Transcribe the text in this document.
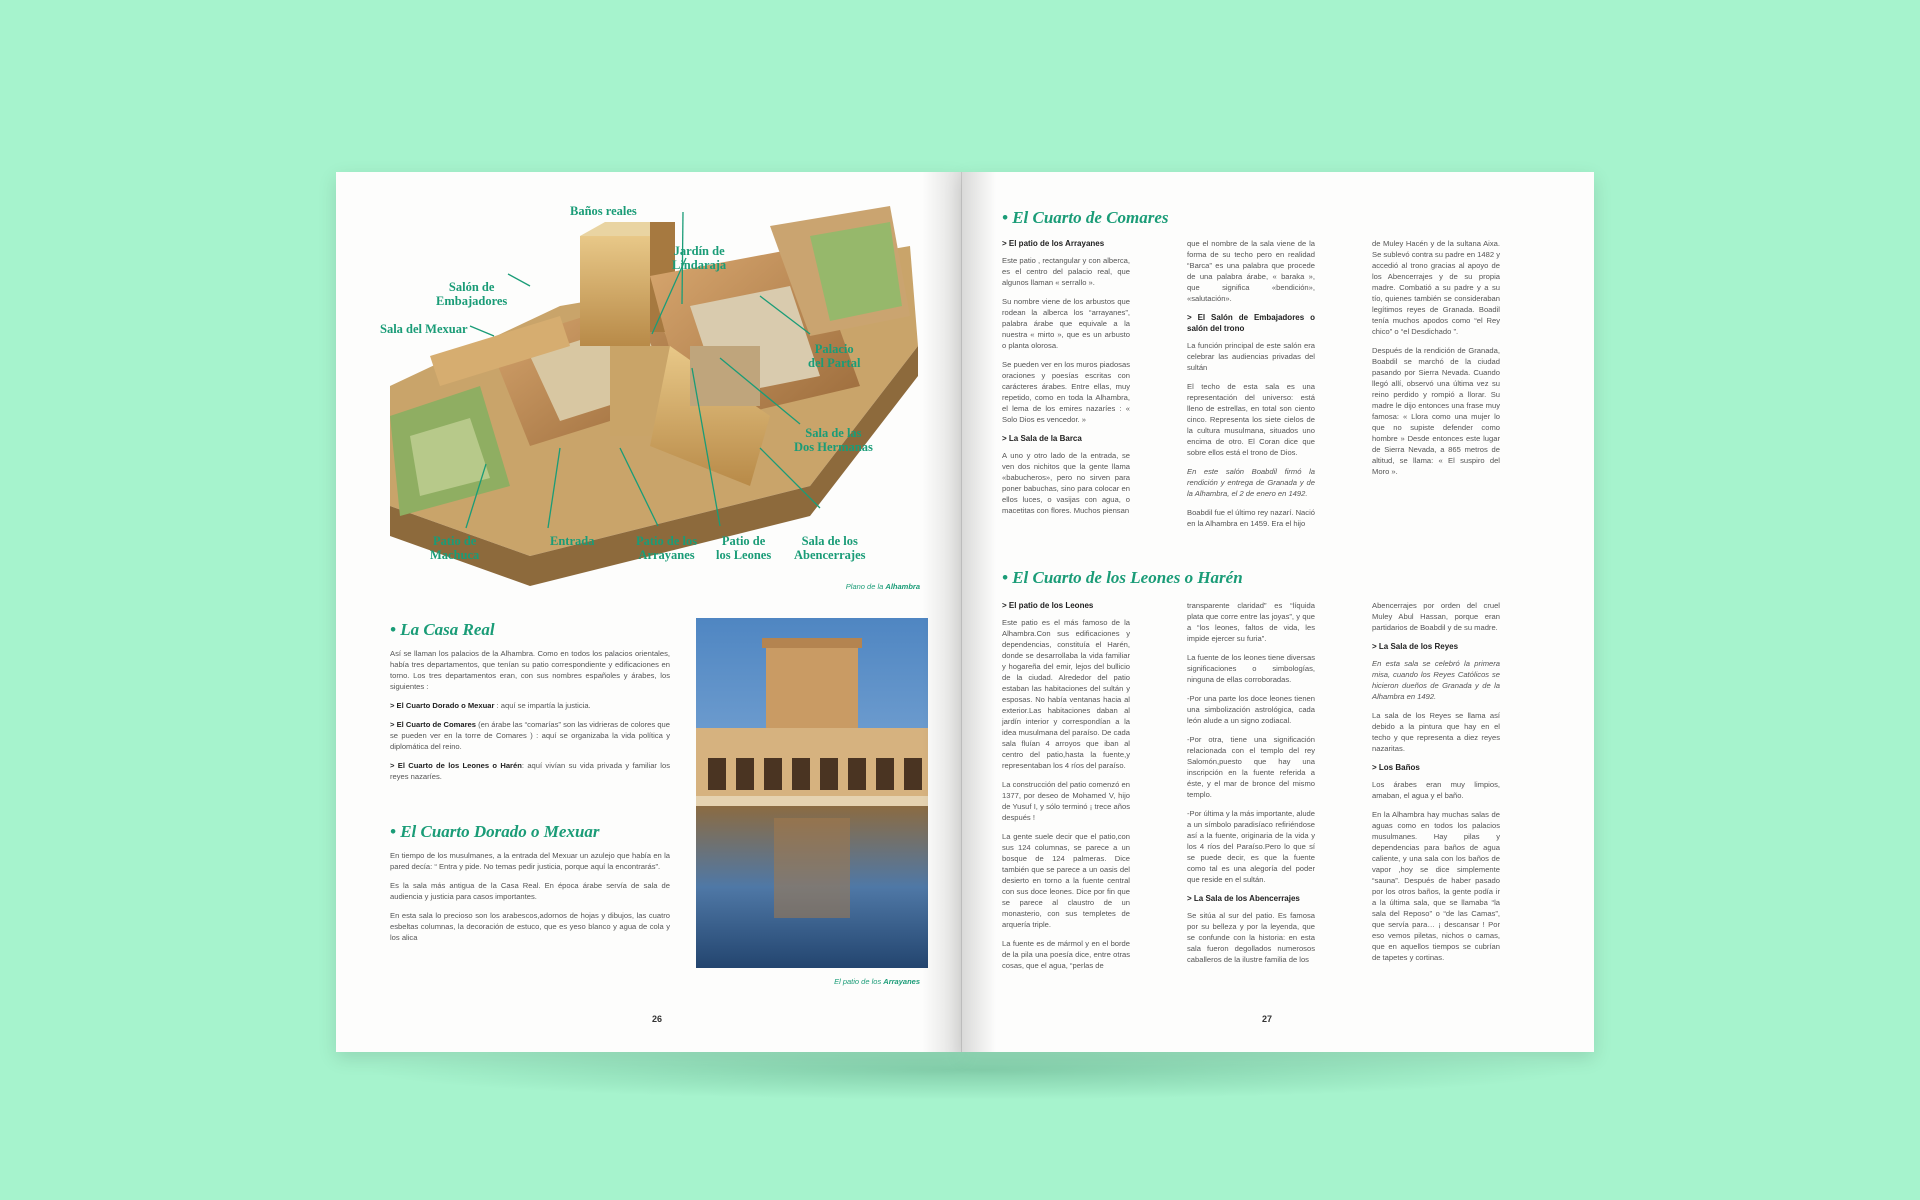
Baños reales
Jardín de
Lindaraja
Salón de
Embajadores
Sala del Mexuar
Palacio
del Partal
Sala de las
Dos Hermanas
Patio de
Machuca
Entrada	Patio de los
Arrayanes
Patio de
los Leones
Sala de los
Abencerrajes
Plano de la Alhambra
• La Casa Real

Así se llaman los palacios de la Alhambra. Como en todos los palacios orientales, había tres departamentos, que tenían su patio correspondiente y edificaciones en torno. Los tres departamentos eran, con sus nombres españoles y árabes, los siguientes :

> El Cuarto Dorado o Mexuar : aquí se impartía la justicia.

> El Cuarto de Comares (en árabe las “comarías” son las vidrieras de colores que se pueden ver en la torre de Comares ) : aquí se organizaba la vida política y diplomática del reino.

> El Cuarto de los Leones o Harén: aquí vivían su vida privada y familiar los reyes nazaríes.

• El Cuarto Dorado o Mexuar

En tiempo de los musulmanes, a la entrada del Mexuar un azulejo que había en la pared decía: “ Entra y pide. No temas pedir justicia, porque aquí la encontrarás”.

Es la sala más antigua de la Casa Real. En época árabe servía de sala de audiencia y justicia para casos importantes.

En esta sala lo precioso son los arabescos,adornos de hojas y dibujos, las cuatro esbeltas columnas, la decoración de estuco, que es yeso blanco y agua de cola y los alica

El patio de los Arrayanes
26
• El Cuarto de Comares
> El patio de los Arrayanes

Este patio , rectangular y con alberca, es el centro del palacio real, que algunos llaman « serrallo ».

Su nombre viene de los arbustos que rodean la alberca los “arrayanes”, palabra árabe que equivale a la nuestra « mirto », que es un arbusto o planta olorosa.

Se pueden ver en los muros piadosas oraciones y poesías escritas con carácteres árabes. Entre ellas, muy repetido, como en toda la Alhambra, el lema de los emires nazaríes : « Solo Dios es vencedor. »

> La Sala de la Barca

A uno y otro lado de la entrada, se ven dos nichitos que la gente llama «babucheros», pero no sirven para poner babuchas, sino para colocar en ellos luces, o vasijas con agua, o macetitas con flores. Muchos piensan

que el nombre de la sala viene de la forma de su techo pero en realidad “Barca” es una palabra que procede de una palabra árabe, « baraka », que significa «bendición», «salutación».

> El Salón de Embajadores o salón del trono

La función principal de este salón era celebrar las audiencias privadas del sultán

El techo de esta sala es una representación del universo: está lleno de estrellas, en total son ciento cinco. Representa los siete cielos de la cultura musulmana, situados uno encima de otro. El Coran dice que sobre ellos está el trono de Dios.

En este salón Boabdil firmó la rendición y entrega de Granada y de la Alhambra, el 2 de enero en 1492.

Boabdil fue el último rey nazarí. Nació en la Alhambra en 1459. Era el hijo

de Muley Hacén y de la sultana Aixa. Se sublevó contra su padre en 1482 y accedió al trono gracias al apoyo de los Abencerrajes y de su propia madre. Combatió a su padre y a su tío, quienes también se consideraban legítimos reyes de Granada. Boadil tenía muchos apodos como “el Rey chico” o “el Desdichado ”.

Después de la rendición de Granada, Boabdil se marchó de la ciudad pasando por Sierra Nevada. Cuando llegó allí, observó una última vez su reino perdido y rompió a llorar. Su madre le dijo entonces una frase muy famosa: « Llora como una mujer lo que no supiste defender como hombre » Desde entonces este lugar de Sierra Nevada, a 865 metros de altitud, se llama: « El suspiro del Moro ».

• El Cuarto de los Leones o Harén
> El patio de los Leones

Este patio es el más famoso de la Alhambra.Con sus edificaciones y dependencias, constituía el Harén, donde se desarrollaba la vida familiar y hogareña del emir, lejos del bullicio de la ciudad. Alrededor del patio estaban las habitaciones del sultán y esposas. No había ventanas hacia al exterior.Las habitaciones daban al jardín interior y correspondían a la idea musulmana del paraíso. De cada sala fluían 4 arroyos que iban al centro del patio,hasta la fuente,y representaban los 4 ríos del paraíso.

La construcción del patio comenzó en 1377, por deseo de Mohamed V, hijo de Yusuf I, y sólo terminó ¡ trece años después !

La gente suele decir que el patio,con sus 124 columnas, se parece a un bosque de 124 palmeras. Dice también que se parece a un oasis del desierto en torno a la fuente central con sus doce leones. Dice por fin que se parece al claustro de un monasterio, con sus templetes de arquería triple.

La fuente es de mármol y en el borde de la pila una poesía dice, entre otras cosas, que el agua, “perlas de

transparente claridad” es “líquida plata que corre entre las joyas”, y que a “los leones, faltos de vida, les impide ejercer su furia”.

La fuente de los leones tiene diversas significaciones o simbologías, ninguna de ellas corroboradas.

-Por una parte los doce leones tienen una simbolización astrológica, cada león alude a un signo zodiacal.

-Por otra, tiene una significación relacionada con el templo del rey Salomón,puesto que hay una inscripción en la fuente referida a éste, y el mar de bronce del mismo templo.

-Por última y la más importante, alude a un símbolo paradisíaco refiriéndose así a la fuente, originaria de la vida y los 4 ríos del Paraíso.Pero lo que sí se puede decir, es que la fuente como tal es una alegoría del poder que reside en el sultán.

> La Sala de los Abencerrajes

Se sitúa al sur del patio. Es famosa por su belleza y por la leyenda, que se confunde con la historia: en esta sala fueron degollados numerosos caballeros de la ilustre familia de los

Abencerrajes por orden del cruel Muley Abul Hassan, porque eran partidarios de Boabdil y de su madre.

> La Sala de los Reyes

En esta sala se celebró la primera misa, cuando los Reyes Católicos se hicieron dueños de Granada y de la Alhambra en 1492.

La sala de los Reyes se llama así debido a la pintura que hay en el techo y que representa a diez reyes nazaritas.

> Los Baños

Los árabes eran muy limpios, amaban, el agua y el baño.

En la Alhambra hay muchas salas de aguas como en todos los palacios musulmanes. Hay pilas y dependencias para baños de agua caliente, y una sala con los baños de vapor ,hoy se dice simplemente “sauna”. Después de haber pasado por los otros baños, la gente podía ir a la última sala, que se llamaba “la sala del Reposo” o “de las Camas”, que servía para… ¡ descansar ! Por eso vemos piletas, nichos o camas, que en aquellos tiempos se cubrían de tapetes y cortinas.

27
